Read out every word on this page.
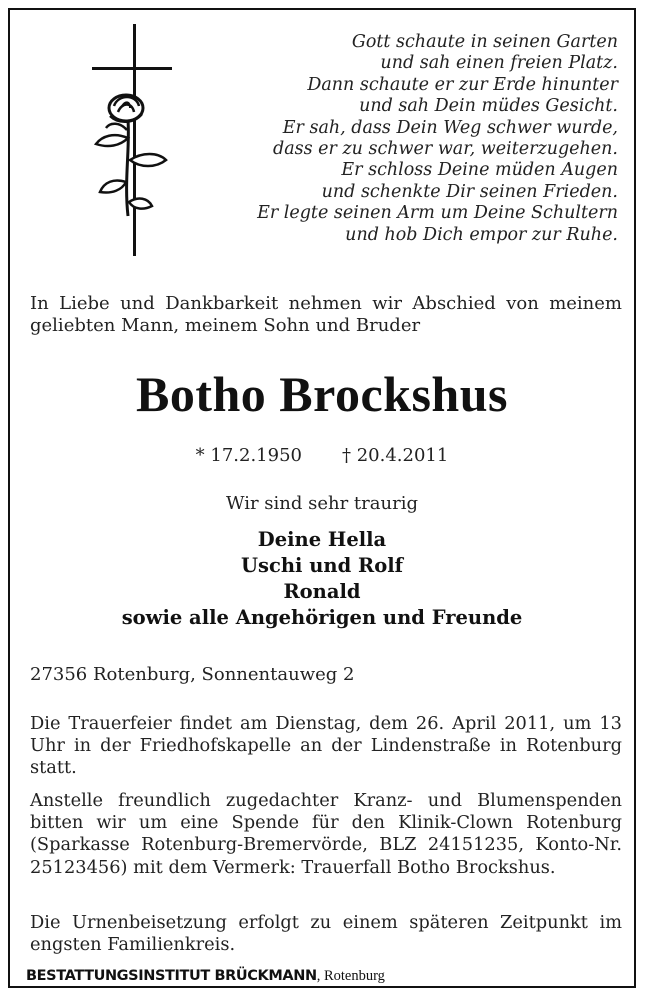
Gott schaute in seinen Garten
und sah einen freien Platz.
Dann schaute er zur Erde hinunter
und sah Dein müdes Gesicht.
Er sah, dass Dein Weg schwer wurde,
dass er zu schwer war, weiterzugehen.
Er schloss Deine müden Augen
und schenkte Dir seinen Frieden.
Er legte seinen Arm um Deine Schultern
und hob Dich empor zur Ruhe.
In Liebe und Dankbarkeit nehmen wir Abschied von meinem geliebten Mann, meinem Sohn und Bruder
Botho Brockshus
* 17.2.1950 † 20.4.2011
Wir sind sehr traurig
Deine Hella
Uschi und Rolf
Ronald
sowie alle Angehörigen und Freunde
27356 Rotenburg, Sonnentauweg 2
Die Trauerfeier findet am Dienstag, dem 26. April 2011, um 13 Uhr in der Friedhofskapelle an der Lindenstraße in Rotenburg statt.
Anstelle freundlich zugedachter Kranz- und Blumenspenden bitten wir um eine Spende für den Klinik-Clown Rotenburg (Sparkasse Rotenburg-Bremervörde, BLZ 24151235, Konto-Nr. 25123456) mit dem Vermerk: Trauerfall Botho Brockshus.
Die Urnenbeisetzung erfolgt zu einem späteren Zeitpunkt im engsten Familienkreis.
BESTATTUNGSINSTITUT BRÜCKMANN, Rotenburg
